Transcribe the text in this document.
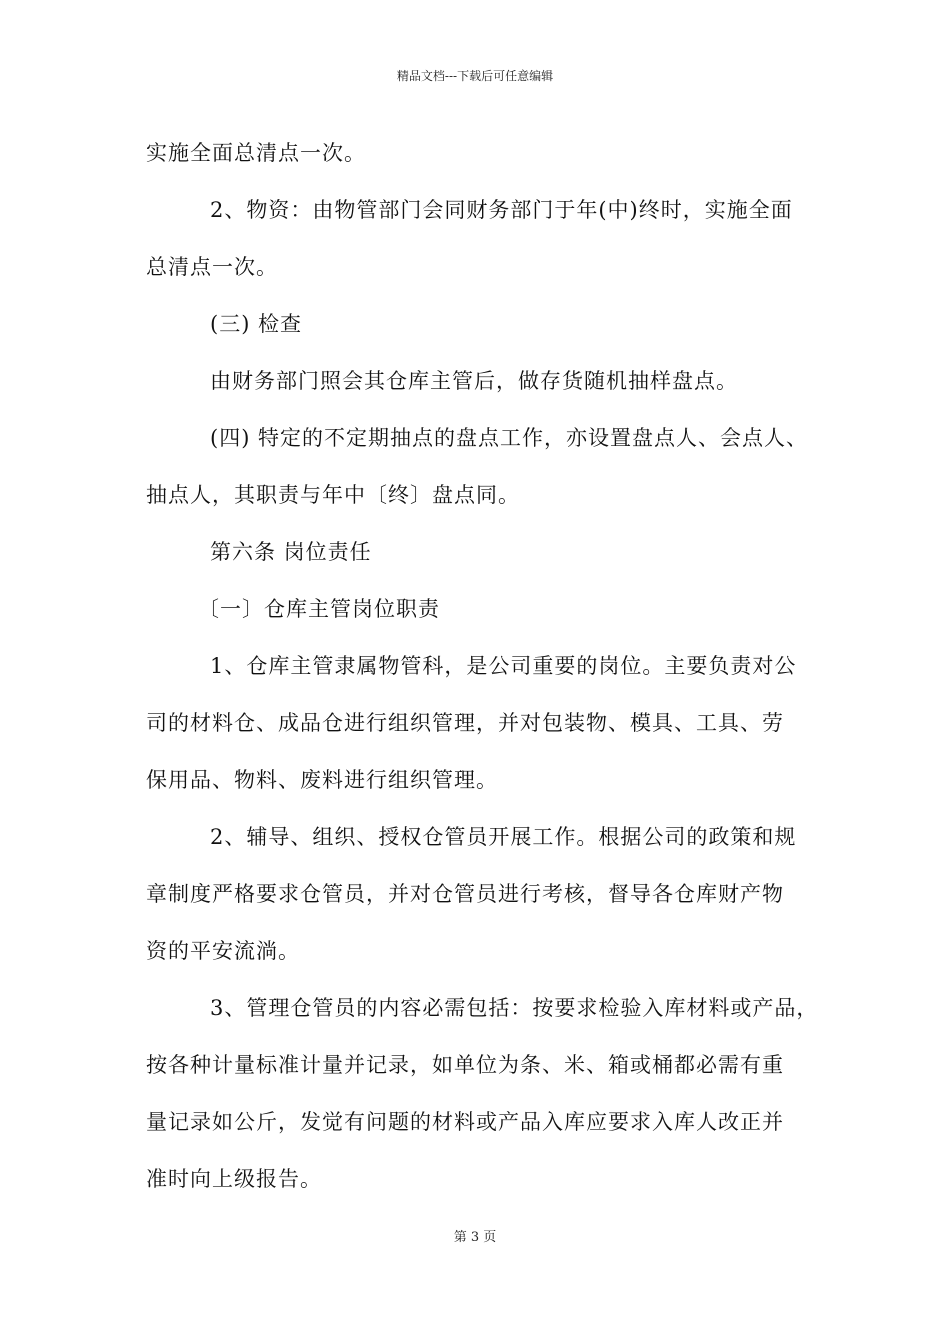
精品文档---下载后可任意编辑
实施全面总清点一次。
2、物资：由物管部门会同财务部门于年(中)终时，实施全面
总清点一次。
(三) 检查
由财务部门照会其仓库主管后，做存货随机抽样盘点。
(四) 特定的不定期抽点的盘点工作，亦设置盘点人、会点人、
抽点人，其职责与年中〔终〕盘点同。
第六条 岗位责任
〔一〕仓库主管岗位职责
1、仓库主管隶属物管科，是公司重要的岗位。主要负责对公
司的材料仓、成品仓进行组织管理，并对包装物、模具、工具、劳
保用品、物料、废料进行组织管理。
2、辅导、组织、授权仓管员开展工作。根据公司的政策和规
章制度严格要求仓管员，并对仓管员进行考核，督导各仓库财产物
资的平安流淌。
3、管理仓管员的内容必需包括：按要求检验入库材料或产品，
按各种计量标准计量并记录，如单位为条、米、箱或桶都必需有重
量记录如公斤，发觉有问题的材料或产品入库应要求入库人改正并
准时向上级报告。
第 3 页
